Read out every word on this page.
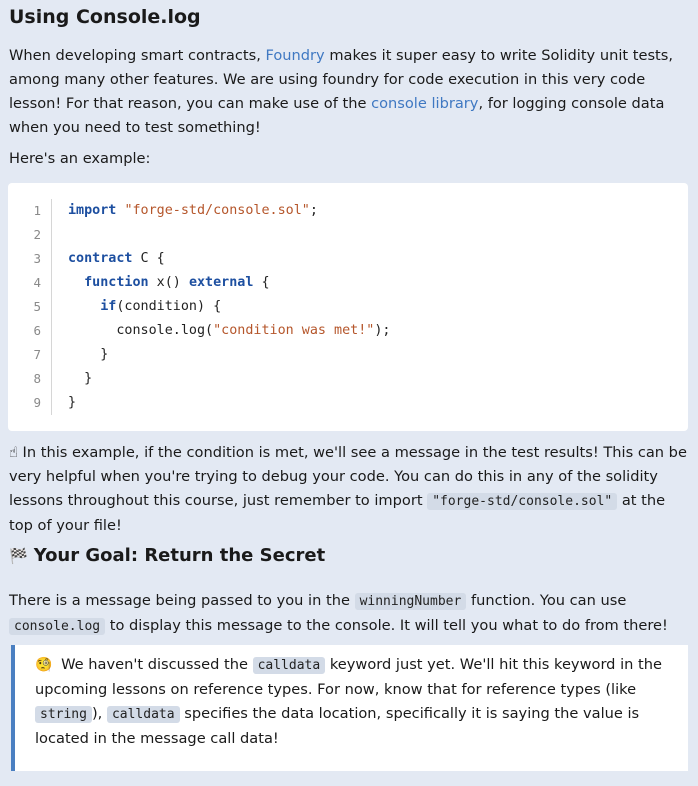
Using Console.log

When developing smart contracts, Foundry makes it super easy to write Solidity unit tests, among many other features. We are using foundry for code execution in this very code lesson! For that reason, you can make use of the console library, for logging console data when you need to test something!

Here's an example:

1	import "forge-std/console.sol";
2
3	contract C {
4	function x() external {
5	if(condition) {
6	console.log("condition was met!");
7	}
8	}
9	}

☝ In this example, if the condition is met, we'll see a message in the test results! This can be very helpful when you're trying to debug your code. You can do this in any of the solidity lessons throughout this course, just remember to import "forge-std/console.sol" at the top of your file!

🏁 Your Goal: Return the Secret

There is a message being passed to you in the winningNumber function. You can use console.log to display this message to the console. It will tell you what to do from there!

🧐 We haven't discussed the calldata keyword just yet. We'll hit this keyword in the upcoming lessons on reference types. For now, know that for reference types (like string ), calldata specifies the data location, specifically it is saying the value is located in the message call data!
